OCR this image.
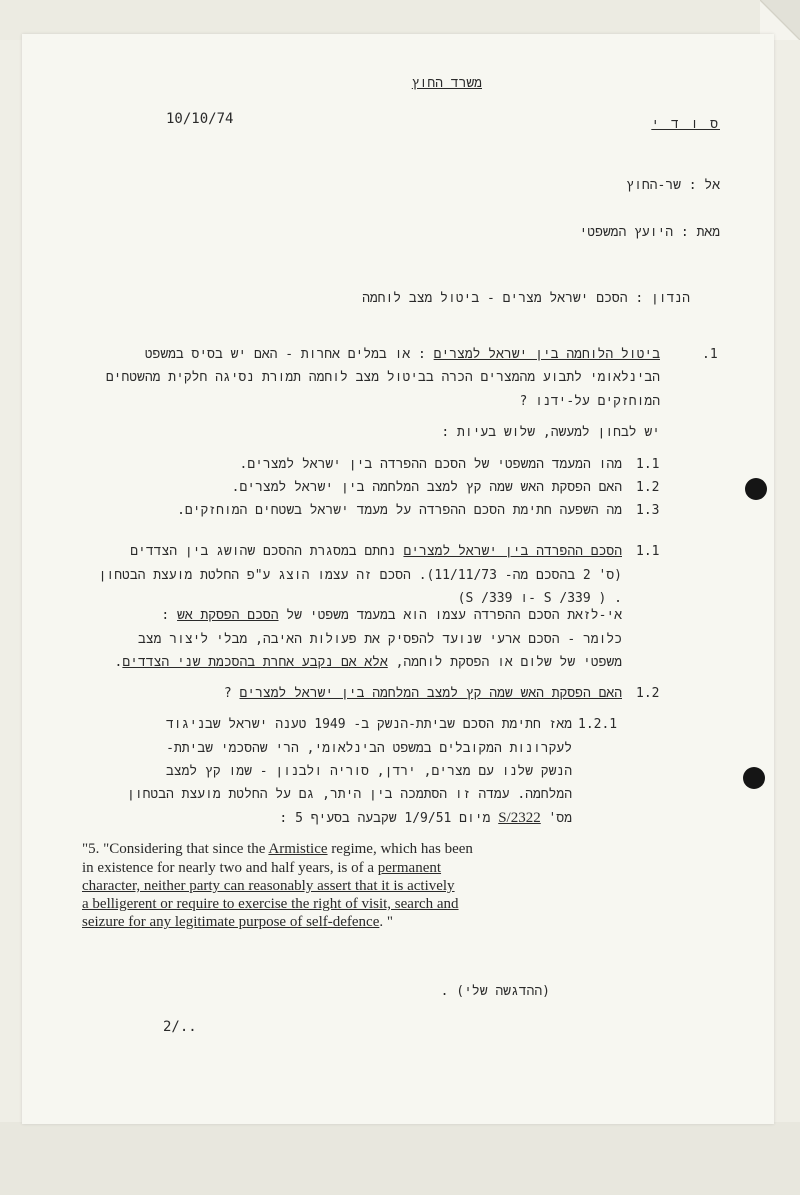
משרד החוץ
10/10/74	ס ו ד י
אל : שר-החוץ
מאת : היועץ המשפטי
הנדון : הסכם ישראל מצרים - ביטול מצב לוחמה
.1
ביטול הלוחמה בין ישראל למצרים : או במלים אחרות - האם יש בסיס במשפט
הבינלאומי לתבוע מהמצרים הכרה בביטול מצב לוחמה תמורת נסיגה חלקית מהשטחים
המוחזקים על-ידנו ?
יש לבחון למעשה, שלוש בעיות :
1.1
מהו המעמד המשפטי של הסכם ההפרדה בין ישראל למצרים.
1.2
האם הפסקת האש שמה קץ למצב המלחמה בין ישראל למצרים.
1.3
מה השפעה חתימת הסכם ההפרדה על מעמד ישראל בשטחים המוחזקים.
1.1
הסכם ההפרדה בין ישראל למצרים נחתם במסגרת ההסכם שהושג בין הצדדים
(ס' 2 בהסכם מה- 11/11/73). הסכם זה עצמו הוצג ע"פ החלטת מועצת הבטחון
. ( S /339 -ו S /339)
אי-לזאת הסכם ההפרדה עצמו הוא במעמד משפטי של הסכם הפסקת אש :
כלומר - הסכם ארעי שנועד להפסיק את פעולות האיבה, מבלי ליצור מצב
משפטי של שלום או הפסקת לוחמה, אלא אם נקבע אחרת בהסכמת שני הצדדים.
1.2
האם הפסקת האש שמה קץ למצב המלחמה בין ישראל למצרים ?
1.2.1
מאז חתימת הסכם שביתת-הנשק ב- 1949 טענה ישראל שבניגוד
לעקרונות המקובלים במשפט הבינלאומי, הרי שהסכמי שביתת-
הנשק שלנו עם מצרים, ירדן, סוריה ולבנון - שמו קץ למצב
המלחמה. עמדה זו הסתמכה בין היתר, גם על החלטת מועצת הבטחון
מס' S/2322 מיום 1/9/51 שקבעה בסעיף 5 :
"5. "Considering that since the Armistice regime, which has been
in existence for nearly two and half years, is of a permanent
character, neither party can reasonably assert that it is actively
a belligerent or require to exercise the right of visit, search and
seizure for any legitimate purpose of self-defence. "
(ההדגשה שלי) .
2/..
